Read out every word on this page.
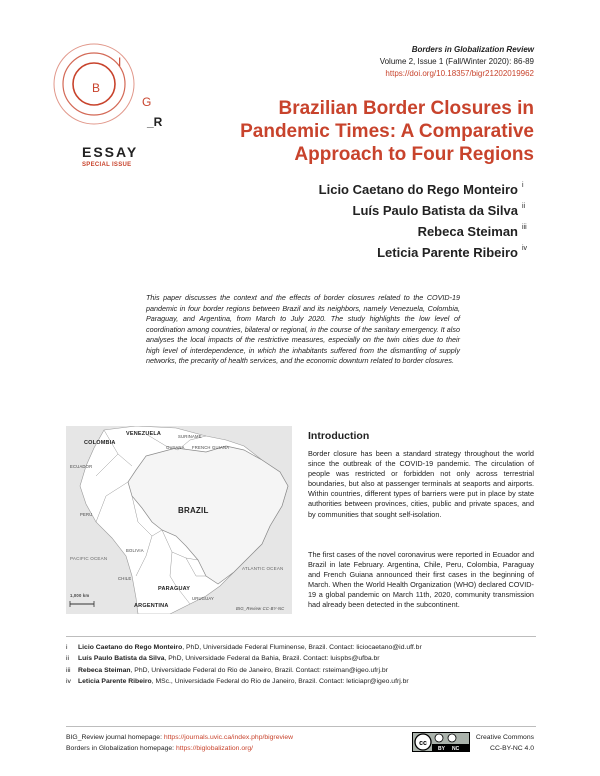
I
B
G
_R
ESSAY
SPECIAL ISSUE
Borders in Globalization Review
Volume 2, Issue 1 (Fall/Winter 2020): 86-89
https://doi.org/10.18357/bigr21202019962
Brazilian Border Closures in
Pandemic Times: A Comparative
Approach to Four Regions
Licio Caetano do Rego Monteiro i
Luís Paulo Batista da Silva ii
Rebeca Steiman iii
Leticia Parente Ribeiro iv
This paper discusses the context and the effects of border closures related to the COVID-19 pandemic in four border regions between Brazil and its neighbors, namely Venezuela, Colombia, Paraguay, and Argentina, from March to July 2020. The study highlights the low level of coordination among countries, bilateral or regional, in the course of the sanitary emergency. It also analyses the local impacts of the restrictive measures, especially on the twin cities due to their high level of interdependence, in which the inhabitants suffered from the dismantling of supply networks, the precarity of health services, and the economic downturn related to border closures.
VENEZUELA
COLOMBIA
SURINAME
GUYANA FRENCH GUIANA
ECUADOR
PERU	BRAZIL
BOLIVIA
CHILE
PARAGUAY
ARGENTINA
URUGUAY
PACIFIC OCEAN
ATLANTIC OCEAN
1,000 km
BIG_Review CC-BY-NC
Introduction
Border closure has been a standard strategy throughout the world since the outbreak of the COVID-19 pandemic. The circulation of people was restricted or forbidden not only across terrestrial boundaries, but also at passenger terminals at seaports and airports. Within countries, different types of barriers were put in place by state authorities between provinces, cities, public and private spaces, and by communities that sought self-isolation.
The first cases of the novel coronavirus were reported in Ecuador and Brazil in late February. Argentina, Chile, Peru, Colombia, Paraguay and French Guiana announced their first cases in the beginning of March. When the World Health Organization (WHO) declared COVID-19 a global pandemic on March 11th, 2020, community transmission had already been detected in the subcontinent.
i	Licio Caetano do Rego Monteiro, PhD, Universidade Federal Fluminense, Brazil. Contact: liciocaetano@id.uff.br
ii	Luís Paulo Batista da Silva, PhD, Universidade Federal da Bahia, Brazil. Contact: luispbs@ufba.br
iii	Rebeca Steiman, PhD, Universidade Federal do Rio de Janeiro, Brazil. Contact: rsteiman@igeo.ufrj.br
iv	Leticia Parente Ribeiro, MSc., Universidade Federal do Rio de Janeiro, Brazil. Contact: leticiapr@igeo.ufrj.br
BIG_Review journal homepage: https://journals.uvic.ca/index.php/bigreview
Borders in Globalization homepage: https://biglobalization.org/
cc
BY NC
Creative Commons
CC-BY-NC 4.0
